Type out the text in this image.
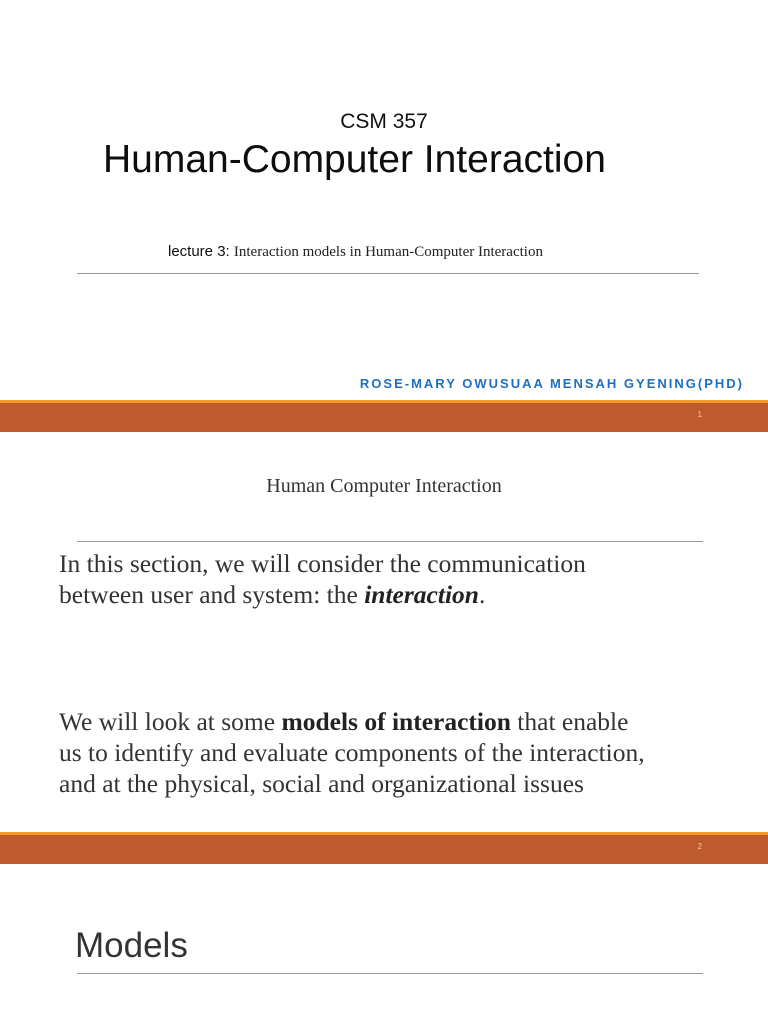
CSM 357
Human-Computer Interaction
lecture 3: Interaction models in Human-Computer Interaction
ROSE-MARY OWUSUAA MENSAH GYENING(PHD)
1
Human Computer Interaction
In this section, we will consider the communication
between user and system: the interaction.
We will look at some models of interaction that enable
us to identify and evaluate components of the interaction,
and at the physical, social and organizational issues
2
Models
